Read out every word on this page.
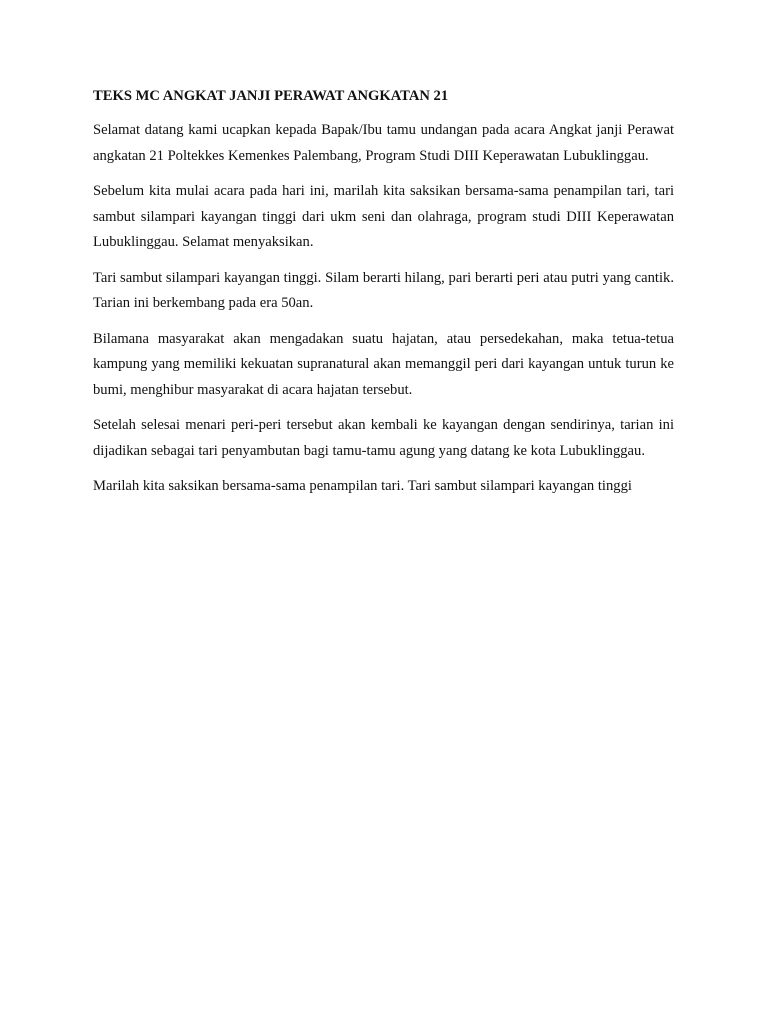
TEKS MC ANGKAT JANJI PERAWAT ANGKATAN 21

Selamat datang kami ucapkan kepada Bapak/Ibu tamu undangan pada acara Angkat janji Perawat angkatan 21 Poltekkes Kemenkes Palembang, Program Studi DIII Keperawatan Lubuklinggau.

Sebelum kita mulai acara pada hari ini, marilah kita saksikan bersama-sama penampilan tari, tari sambut silampari kayangan tinggi dari ukm seni dan olahraga, program studi DIII Keperawatan Lubuklinggau. Selamat menyaksikan.

Tari sambut silampari kayangan tinggi. Silam berarti hilang, pari berarti peri atau putri yang cantik. Tarian ini berkembang pada era 50an.

Bilamana masyarakat akan mengadakan suatu hajatan, atau persedekahan, maka tetua-tetua kampung yang memiliki kekuatan supranatural akan memanggil peri dari kayangan untuk turun ke bumi, menghibur masyarakat di acara hajatan tersebut.

Setelah selesai menari peri-peri tersebut akan kembali ke kayangan dengan sendirinya, tarian ini dijadikan sebagai tari penyambutan bagi tamu-tamu agung yang datang ke kota Lubuklinggau.

Marilah kita saksikan bersama-sama penampilan tari. Tari sambut silampari kayangan tinggi
